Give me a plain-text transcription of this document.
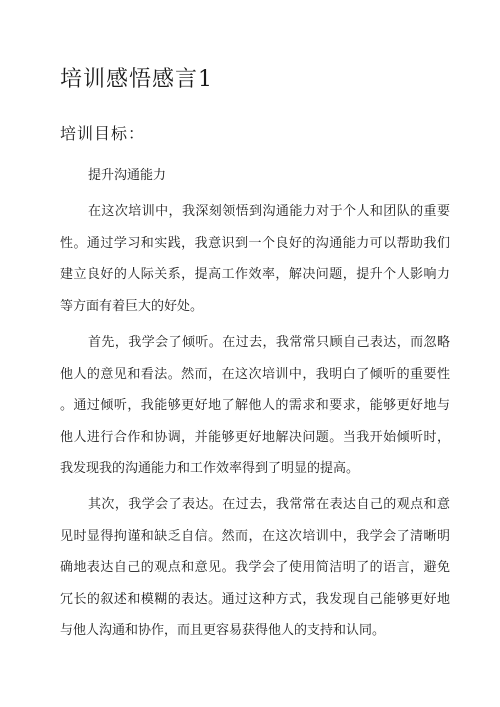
培训感悟感言1
培训目标：

提升沟通能力

在这次培训中，我深刻领悟到沟通能力对于个人和团队的重要
性。通过学习和实践，我意识到一个良好的沟通能力可以帮助我们
建立良好的人际关系，提高工作效率，解决问题，提升个人影响力
等方面有着巨大的好处。
首先，我学会了倾听。在过去，我常常只顾自己表达，而忽略
他人的意见和看法。然而，在这次培训中，我明白了倾听的重要性
。通过倾听，我能够更好地了解他人的需求和要求，能够更好地与
他人进行合作和协调，并能够更好地解决问题。当我开始倾听时，
我发现我的沟通能力和工作效率得到了明显的提高。
其次，我学会了表达。在过去，我常常在表达自己的观点和意
见时显得拘谨和缺乏自信。然而，在这次培训中，我学会了清晰明
确地表达自己的观点和意见。我学会了使用简洁明了的语言，避免
冗长的叙述和模糊的表达。通过这种方式，我发现自己能够更好地
与他人沟通和协作，而且更容易获得他人的支持和认同。
